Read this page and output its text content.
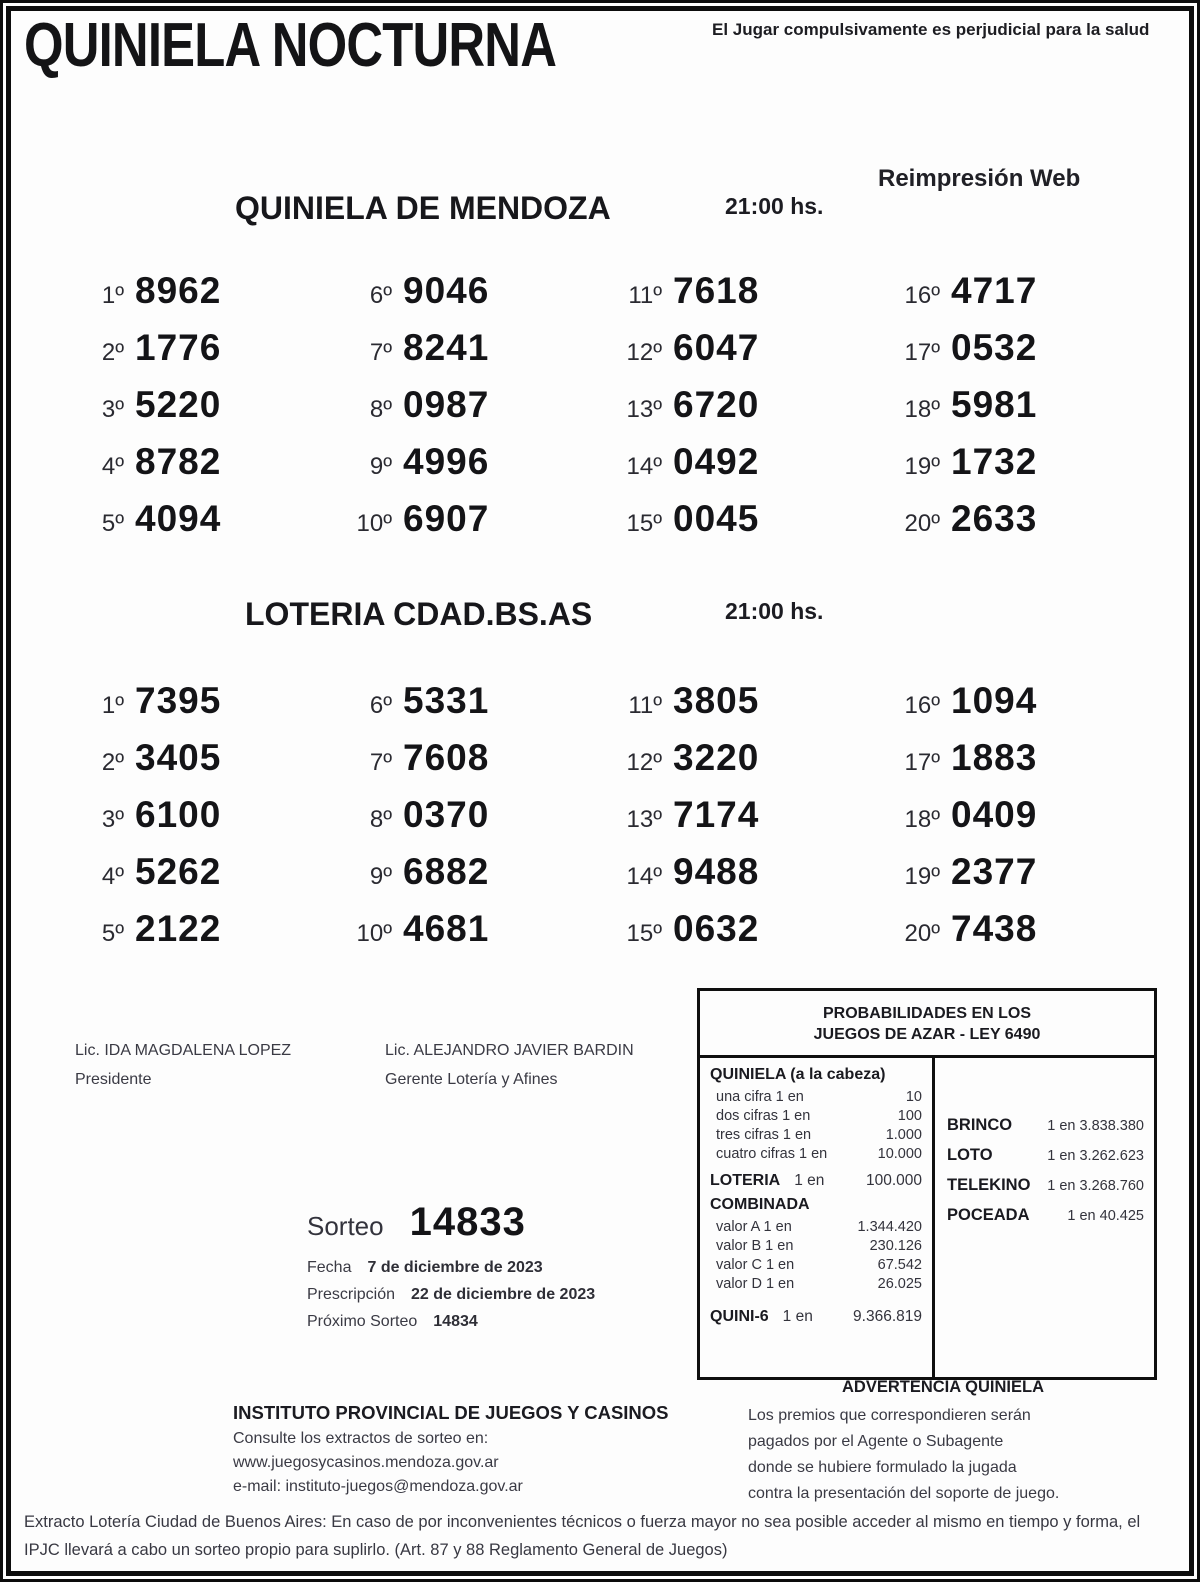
QUINIELA NOCTURNA	El Jugar compulsivamente es perjudicial para la salud
Reimpresión Web
QUINIELA DE MENDOZA	21:00 hs.
1º 8962
2º 1776
3º 5220
4º 8782
5º 4094
6º 9046
7º 8241
8º 0987
9º 4996
10º 6907
11º 7618
12º 6047
13º 6720
14º 0492
15º 0045
16º 4717
17º 0532
18º 5981
19º 1732
20º 2633
LOTERIA CDAD.BS.AS	21:00 hs.
1º 7395
2º 3405
3º 6100
4º 5262
5º 2122
6º 5331
7º 7608
8º 0370
9º 6882
10º 4681
11º 3805
12º 3220
13º 7174
14º 9488
15º 0632
16º 1094
17º 1883
18º 0409
19º 2377
20º 7438
Lic. IDA MAGDALENA LOPEZ
Presidente
Lic. ALEJANDRO JAVIER BARDIN
Gerente Lotería y Afines
Sorteo 14833
Fecha 7 de diciembre de 2023
Prescripción 22 de diciembre de 2023
Próximo Sorteo 14834
PROBABILIDADES EN LOS
JUEGOS DE AZAR - LEY 6490
QUINIELA (a la cabeza)
una cifra 1 en	10
dos cifras 1 en	100
tres cifras 1 en	1.000
cuatro cifras 1 en	10.000
LOTERIA 1 en	100.000
COMBINADA
valor A 1 en	1.344.420
valor B 1 en	230.126
valor C 1 en	67.542
valor D 1 en	26.025
QUINI-6 1 en	9.366.819
BRINCO 1 en 3.838.380
LOTO	1 en 3.262.623
TELEKINO 1 en 3.268.760
POCEADA	1 en 40.425
ADVERTENCIA QUINIELA
Los premios que correspondieren serán
pagados por el Agente o Subagente
donde se hubiere formulado la jugada
contra la presentación del soporte de juego.
INSTITUTO PROVINCIAL DE JUEGOS Y CASINOS
Consulte los extractos de sorteo en:
www.juegosycasinos.mendoza.gov.ar
e-mail: instituto-juegos@mendoza.gov.ar
Extracto Lotería Ciudad de Buenos Aires: En caso de por inconvenientes técnicos o fuerza mayor no sea posible acceder al mismo en tiempo y forma, el IPJC llevará a cabo un sorteo propio para suplirlo. (Art. 87 y 88 Reglamento General de Juegos)
